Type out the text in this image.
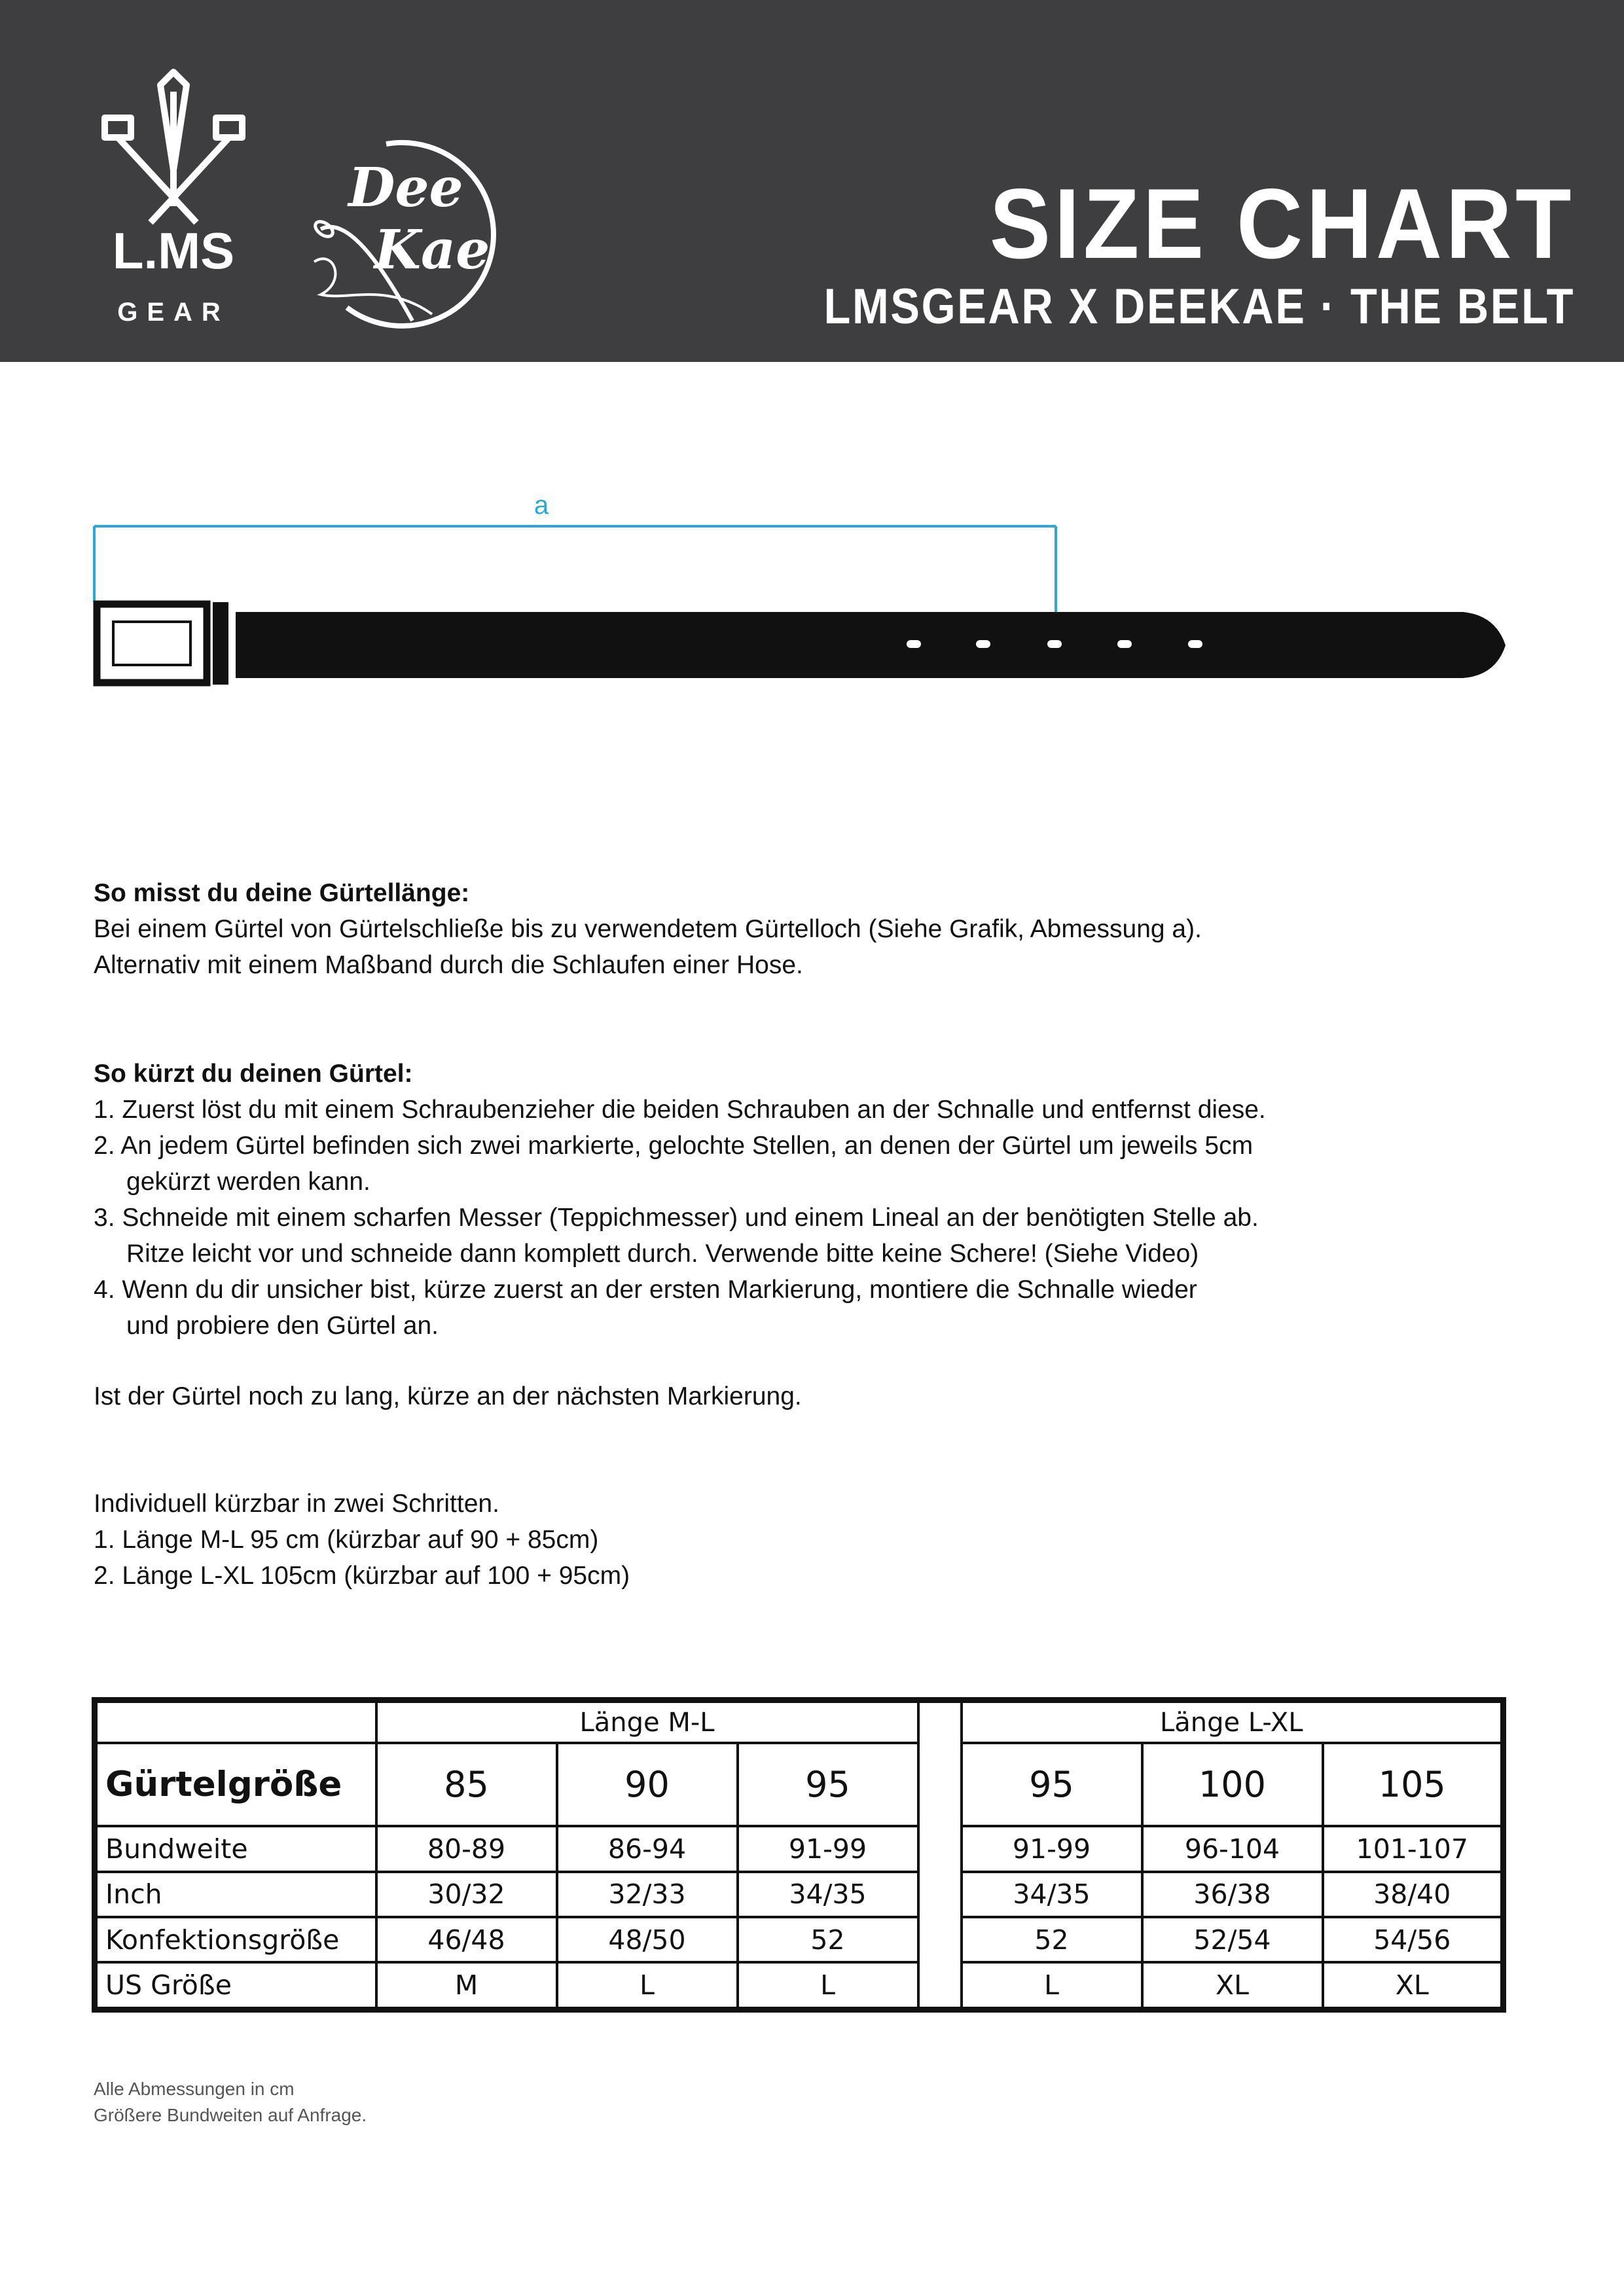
L.MS
GEAR
Dee
Kae	SIZE CHART
LMSGEAR X DEEKAE · THE BELT
a
So misst du deine Gürtellänge:
Bei einem Gürtel von Gürtelschließe bis zu verwendetem Gürtelloch (Siehe Grafik, Abmessung a).
Alternativ mit einem Maßband durch die Schlaufen einer Hose.
So kürzt du deinen Gürtel:
1. Zuerst löst du mit einem Schraubenzieher die beiden Schrauben an der Schnalle und entfernst diese.
2. An jedem Gürtel befinden sich zwei markierte, gelochte Stellen, an denen der Gürtel um jeweils 5cm
gekürzt werden kann.
3. Schneide mit einem scharfen Messer (Teppichmesser) und einem Lineal an der benötigten Stelle ab.
Ritze leicht vor und schneide dann komplett durch. Verwende bitte keine Schere! (Siehe Video)
4. Wenn du dir unsicher bist, kürze zuerst an der ersten Markierung, montiere die Schnalle wieder
und probiere den Gürtel an.
Ist der Gürtel noch zu lang, kürze an der nächsten Markierung.
Individuell kürzbar in zwei Schritten.
1. Länge M-L 95 cm (kürzbar auf 90 + 85cm)
2. Länge L-XL 105cm (kürzbar auf 100 + 95cm)
	Länge M-L				Länge L-XL		
Gürtelgröße	85	90	95		95	100	105
Bundweite	80-89	86-94	91-99		91-99	96-104	101-107
Inch	30/32	32/33	34/35		34/35	36/38	38/40
Konfektionsgröße	46/48	48/50	52		52	52/54	54/56
US Größe	M	L	L		L	XL	XL
Alle Abmessungen in cm
Größere Bundweiten auf Anfrage.
